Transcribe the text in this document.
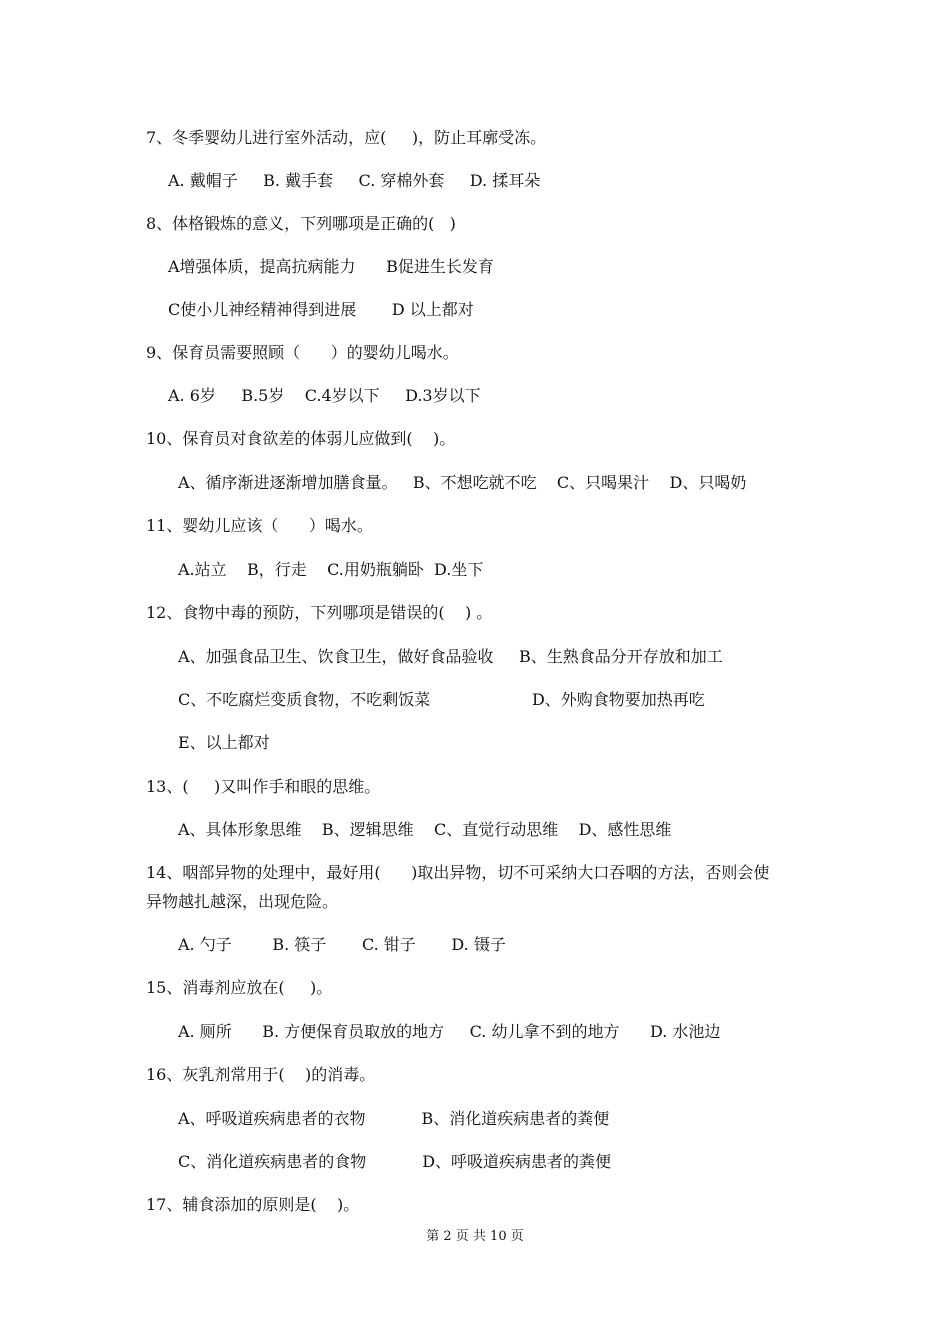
7、冬季婴幼儿进行室外活动，应(     )，防止耳廓受冻。
A. 戴帽子     B. 戴手套     C. 穿棉外套     D. 揉耳朵
8、体格锻炼的意义，下列哪项是正确的(   )
A增强体质，提高抗病能力      B促进生长发育
C使小儿神经精神得到进展       D 以上都对
9、保育员需要照顾（      ）的婴幼儿喝水。
A. 6岁     B.5岁    C.4岁以下     D.3岁以下
10、保育员对食欲差的体弱儿应做到(    )。
A、循序渐进逐渐增加膳食量。   B、不想吃就不吃    C、只喝果汁    D、只喝奶
11、婴幼儿应该（      ）喝水。
A.站立    B，行走    C.用奶瓶躺卧  D.坐下
12、食物中毒的预防，下列哪项是错误的(    ) 。
A、加强食品卫生、饮食卫生，做好食品验收     B、生熟食品分开存放和加工
C、不吃腐烂变质食物，不吃剩饭菜                    D、外购食物要加热再吃
E、以上都对
13、(     )又叫作手和眼的思维。
A、具体形象思维    B、逻辑思维    C、直觉行动思维    D、感性思维
14、咽部异物的处理中，最好用(      )取出异物，切不可采纳大口吞咽的方法，否则会使
异物越扎越深，出现危险。
A. 勺子        B. 筷子       C. 钳子       D. 镊子
15、消毒剂应放在(     )。
A. 厕所      B. 方便保育员取放的地方     C. 幼儿拿不到的地方      D. 水池边
16、灰乳剂常用于(    )的消毒。
A、呼吸道疾病患者的衣物           B、消化道疾病患者的粪便
C、消化道疾病患者的食物           D、呼吸道疾病患者的粪便
17、辅食添加的原则是(    )。
第 2 页 共 10 页
